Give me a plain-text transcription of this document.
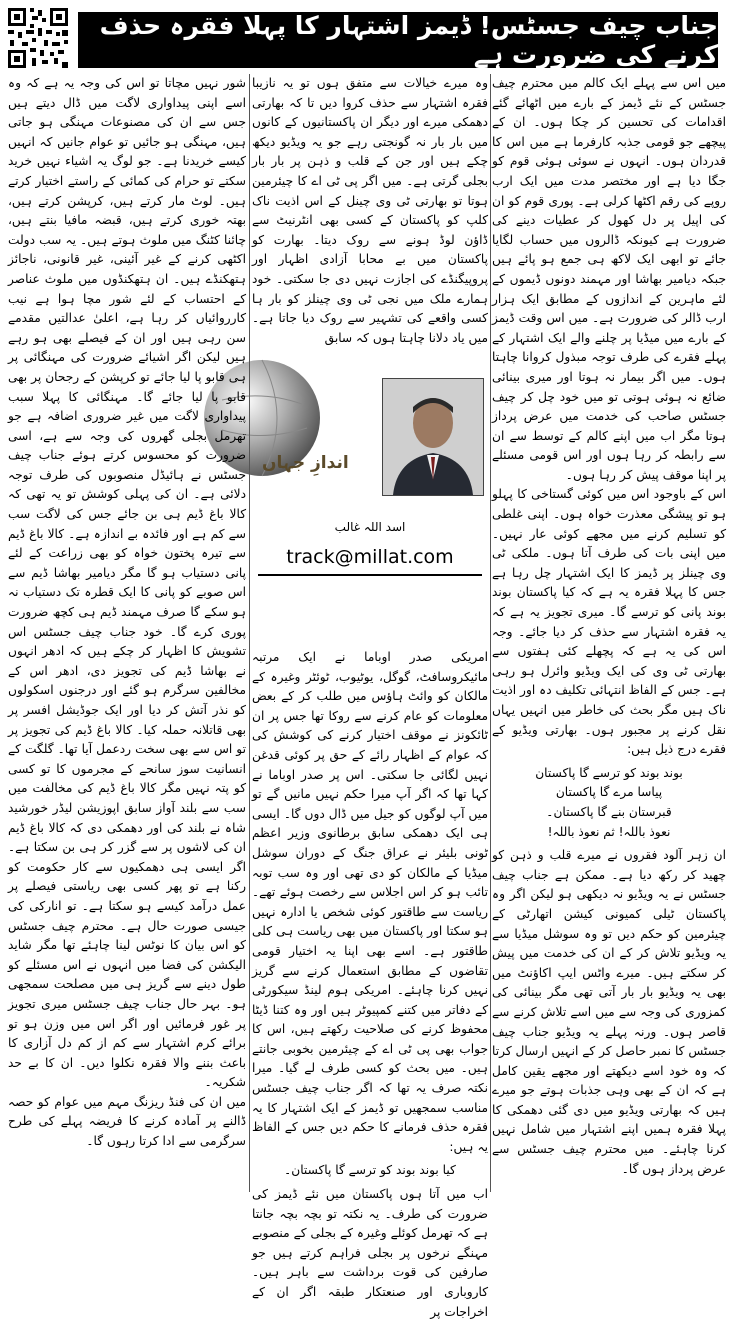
جناب چیف جسٹس! ڈیمز اشتہار کا پہلا فقرہ حذف کرنے کی ضرورت ہے

میں اس سے پہلے ایک کالم میں محترم چیف جسٹس کے نئے ڈیمز کے بارے میں اٹھائے گئے اقدامات کی تحسین کر چکا ہوں۔ ان کے پیچھے جو قومی جذبہ کارفرما ہے میں اس کا قدردان ہوں۔ انہوں نے سوئی ہوئی قوم کو جگا دیا ہے اور مختصر مدت میں ایک ارب روپے کی رقم اکٹھا کرلی ہے۔ پوری قوم کو ان کی اپیل پر دل کھول کر عطیات دینے کی ضرورت ہے کیونکہ ڈالروں میں حساب لگایا جائے تو ابھی ایک لاکھ ہی جمع ہو پائے ہیں جبکہ دیامیر بھاشا اور مہمند دونوں ڈیموں کے لئے ماہرین کے اندازوں کے مطابق ایک ہزار ارب ڈالر کی ضرورت ہے۔ میں اس وقت ڈیمز کے بارے میں میڈیا پر چلنے والے ایک اشتہار کے پہلے فقرے کی طرف توجہ مبذول کروانا چاہتا ہوں۔ میں اگر بیمار نہ ہوتا اور میری بینائی ضائع نہ ہوئی ہوتی تو میں خود چل کر چیف جسٹس صاحب کی خدمت میں عرض پرداز ہوتا مگر اب میں اپنے کالم کے توسط سے ان سے رابطہ کر رہا ہوں اور اس قومی مسئلے پر اپنا موقف پیش کر رہا ہوں۔

اس کے باوجود اس میں کوئی گستاخی کا پہلو ہو تو پیشگی معذرت خواہ ہوں۔ اپنی غلطی کو تسلیم کرنے میں مجھے کوئی عار نہیں۔ میں اپنی بات کی طرف آتا ہوں۔ ملکی ٹی وی چینلز پر ڈیمز کا ایک اشتہار چل رہا ہے جس کا پہلا فقرہ یہ ہے کہ کیا پاکستان بوند بوند پانی کو ترسے گا۔ میری تجویز یہ ہے کہ یہ فقرہ اشتہار سے حذف کر دیا جائے۔ وجہ اس کی یہ ہے کہ پچھلے کئی ہفتوں سے بھارتی ٹی وی کی ایک ویڈیو وائرل ہو رہی ہے۔ جس کے الفاظ انتہائی تکلیف دہ اور اذیت ناک ہیں مگر بحث کی خاطر میں انہیں یہاں نقل کرنے پر مجبور ہوں۔ بھارتی ویڈیو کے فقرے درج ذیل ہیں:

بوند بوند کو ترسے گا پاکستان
پیاسا مرے گا پاکستان
قبرستان بنے گا پاکستان۔
نعوذ باللہ! ثم نعوذ باللہ!

ان زہر آلود فقروں نے میرے قلب و ذہن کو چھید کر رکھ دیا ہے۔ ممکن ہے جناب چیف جسٹس نے یہ ویڈیو نہ دیکھی ہو لیکن اگر وہ پاکستان ٹیلی کمیونی کیشن اتھارٹی کے چیئرمین کو حکم دیں تو وہ سوشل میڈیا سے یہ ویڈیو تلاش کر کے ان کی خدمت میں پیش کر سکتے ہیں۔ میرے واٹس ایپ اکاؤنٹ میں بھی یہ ویڈیو بار بار آتی تھی مگر بینائی کی کمزوری کی وجہ سے میں اسے تلاش کرنے سے قاصر ہوں۔ ورنہ پہلے یہ ویڈیو جناب چیف جسٹس کا نمبر حاصل کر کے انہیں ارسال کرتا کہ وہ خود اسے دیکھتے اور مجھے یقین کامل ہے کہ ان کے بھی وہی جذبات ہوتے جو میرے ہیں کہ بھارتی ویڈیو میں دی گئی دھمکی کا پہلا فقرہ ہمیں اپنے اشتہار میں شامل نہیں کرنا چاہئے۔ میں محترم چیف جسٹس سے عرض پرداز ہوں گا۔

وہ میرے خیالات سے متفق ہوں تو یہ نازیبا فقرہ اشتہار سے حذف کروا دیں تا کہ بھارتی دھمکی میرے اور دیگر ان پاکستانیوں کے کانوں میں بار بار نہ گونجتی رہے جو یہ ویڈیو دیکھ چکے ہیں اور جن کے قلب و ذہن پر بار بار بجلی گرتی ہے۔ میں اگر پی ٹی اے کا چیئرمین ہوتا تو بھارتی ٹی وی چینل کے اس اذیت ناک کلپ کو پاکستان کے کسی بھی انٹرنیٹ سے ڈاؤن لوڈ ہونے سے روک دیتا۔ بھارت کو پاکستان میں بے محابا آزادی اظہار اور پروپیگنڈے کی اجازت نہیں دی جا سکتی۔ خود ہمارے ملک میں نجی ٹی وی چینلز کو بار ہا کسی واقعے کی تشہیر سے روک دیا جاتا ہے۔ میں یاد دلانا چاہتا ہوں کہ سابق

اندازِ جہاں
اسد اللہ غالب
track@millat.com

امریکی صدر اوباما نے ایک مرتبہ مائیکروسافٹ، گوگل، یوٹیوب، ٹوئٹر وغیرہ کے مالکان کو وائٹ ہاؤس میں طلب کر کے بعض معلومات کو عام کرنے سے روکا تھا جس پر ان ٹائکونز نے موقف اختیار کرنے کی کوشش کی کہ عوام کے اظہار رائے کے حق پر کوئی قدغن نہیں لگائی جا سکتی۔ اس پر صدر اوباما نے کہا تھا کہ اگر آپ میرا حکم نہیں مانیں گے تو میں آپ لوگوں کو جیل میں ڈال دوں گا۔ ایسی ہی ایک دھمکی سابق برطانوی وزیر اعظم ٹونی بلیئر نے عراق جنگ کے دوران سوشل میڈیا کے مالکان کو دی تھی اور وہ سب توبہ تائب ہو کر اس اجلاس سے رخصت ہوئے تھے۔ ریاست سے طاقتور کوئی شخص یا ادارہ نہیں ہو سکتا اور پاکستان میں بھی ریاست ہی کلی طاقتور ہے۔ اسے بھی اپنا یہ اختیار قومی تقاضوں کے مطابق استعمال کرنے سے گریز نہیں کرنا چاہئے۔ امریکی ہوم لینڈ سیکورٹی کے دفاتر میں کتنے کمپیوٹر ہیں اور وہ کتنا ڈیٹا محفوظ کرنے کی صلاحیت رکھتے ہیں، اس کا جواب بھی پی ٹی اے کے چیئرمین بخوبی جانتے ہیں۔ میں بحث کو کسی طرف لے گیا۔ میرا نکتہ صرف یہ تھا کہ اگر جناب چیف جسٹس مناسب سمجھیں تو ڈیمز کے ایک اشتہار کا یہ فقرہ حذف فرمانے کا حکم دیں جس کے الفاظ یہ ہیں:

کیا بوند بوند کو ترسے گا پاکستان۔

اب میں آتا ہوں پاکستان میں نئے ڈیمز کی ضرورت کی طرف۔ یہ نکتہ تو بچہ بچہ جانتا ہے کہ تھرمل کوئلے وغیرہ کے بجلی کے منصوبے مہنگے نرخوں پر بجلی فراہم کرتے ہیں جو صارفین کی قوت برداشت سے باہر ہیں۔ کاروباری اور صنعتکار طبقہ اگر ان کے اخراجات پر

شور نہیں مچاتا تو اس کی وجہ یہ ہے کہ وہ اسے اپنی پیداواری لاگت میں ڈال دیتے ہیں جس سے ان کی مصنوعات مہنگی ہو جاتی ہیں، مہنگی ہو جائیں تو عوام جانیں کہ انہیں کیسے خریدنا ہے۔ جو لوگ یہ اشیاء نہیں خرید سکتے تو حرام کی کمائی کے راستے اختیار کرتے ہیں۔ لوٹ مار کرتے ہیں، کرپشن کرتے ہیں، بھتہ خوری کرتے ہیں، قبضہ مافیا بنتے ہیں، چائنا کٹنگ میں ملوث ہوتے ہیں۔ یہ سب دولت اکٹھی کرنے کے غیر آئینی، غیر قانونی، ناجائز ہتھکنڈے ہیں۔ ان ہتھکنڈوں میں ملوث عناصر کے احتساب کے لئے شور مچا ہوا ہے نیب کارروائیاں کر رہا ہے، اعلیٰ عدالتیں مقدمے سن رہی ہیں اور ان کے فیصلے بھی ہو رہے ہیں لیکن اگر اشیائے ضرورت کی مہنگائی پر ہی قابو پا لیا جائے تو کرپشن کے رجحان پر بھی قابو پا لیا جائے گا۔ مہنگائی کا پہلا سبب پیداواری لاگت میں غیر ضروری اضافہ ہے جو تھرمل بجلی گھروں کی وجہ سے ہے، اسی ضرورت کو محسوس کرتے ہوئے جناب چیف جسٹس نے ہائیڈل منصوبوں کی طرف توجہ دلائی ہے۔ ان کی پہلی کوشش تو یہ تھی کہ کالا باغ ڈیم ہی بن جائے جس کی لاگت سب سے کم ہے اور فائدہ بے اندازہ ہے۔ کالا باغ ڈیم سے تیرہ پختون خواہ کو بھی زراعت کے لئے پانی دستیاب ہو گا مگر دیامیر بھاشا ڈیم سے اس صوبے کو پانی کا ایک قطرہ تک دستیاب نہ ہو سکے گا صرف مہمند ڈیم ہی کچھ ضرورت پوری کرے گا۔ خود جناب چیف جسٹس اس تشویش کا اظہار کر چکے ہیں کہ ادھر انہوں نے بھاشا ڈیم کی تجویز دی، ادھر اس کے مخالفین سرگرم ہو گئے اور درجنوں اسکولوں کو نذر آتش کر دیا اور ایک جوڈیشل افسر پر بھی قاتلانہ حملہ کیا۔ کالا باغ ڈیم کی تجویز پر تو اس سے بھی سخت ردعمل آیا تھا۔ گلگت کے انسانیت سوز سانحے کے مجرموں کا تو کسی کو پتہ نہیں مگر کالا باغ ڈیم کی مخالفت میں سب سے بلند آواز سابق اپوزیشن لیڈر خورشید شاہ نے بلند کی اور دھمکی دی کہ کالا باغ ڈیم ان کی لاشوں پر سے گزر کر ہی بن سکتا ہے۔ اگر ایسی ہی دھمکیوں سے کار حکومت کو رکنا ہے تو پھر کسی بھی ریاستی فیصلے پر عمل درآمد کیسے ہو سکتا ہے۔ تو انارکی کی جیسی صورت حال ہے۔ محترم چیف جسٹس کو اس بیان کا نوٹس لینا چاہئے تھا مگر شاید الیکشن کی فضا میں انہوں نے اس مسئلے کو طول دینے سے گریز ہی میں مصلحت سمجھی ہو۔ بہر حال جناب چیف جسٹس میری تجویز پر غور فرمائیں اور اگر اس میں وزن ہو تو برائے کرم اشتہار سے کم از کم دل آزاری کا باعث بننے والا فقرہ نکلوا دیں۔ ان کا بے حد شکریہ۔

میں ان کی فنڈ ریزنگ مہم میں عوام کو حصہ ڈالنے پر آمادہ کرنے کا فریضہ پہلے کی طرح سرگرمی سے ادا کرتا رہوں گا۔
